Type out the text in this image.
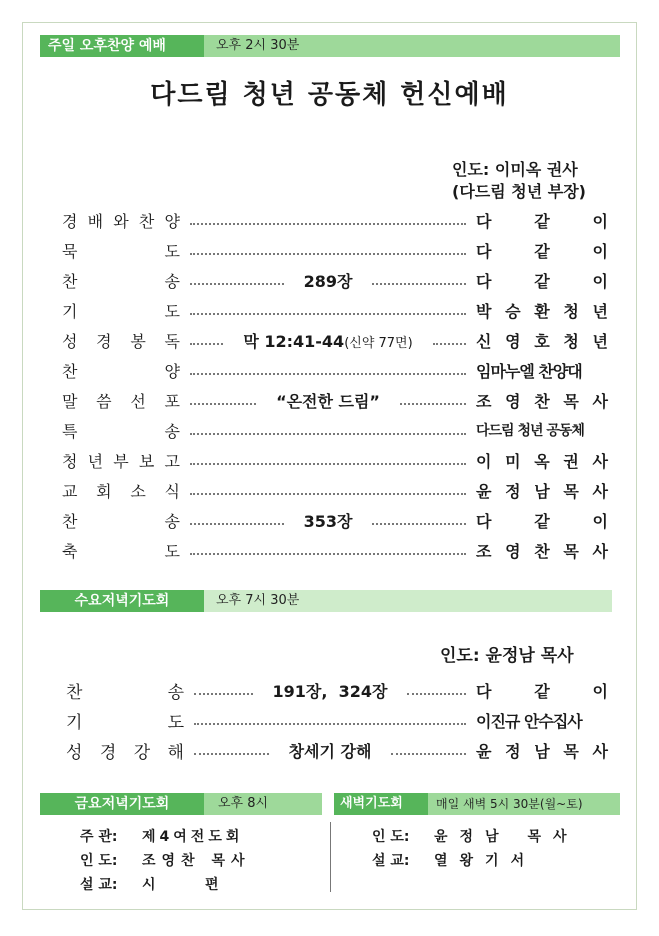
주일 오후찬양 예배	오후 2시 30분
다드림 청년 공동체 헌신예배
인도: 이미옥 권사
(다드림 청년 부장)
경 배 와 찬 양	다	같	이
묵	도	다	같	이
찬	송	289장	다	같	이
기	도	박 승 환 청 년
성 경 봉 독	막 12:41-44(신약 77면)	신 영 호 청 년
찬	양	임마누엘 찬양대
말 씀 선 포	“온전한 드림”	조 영 찬 목 사
특	송	다드림 청년 공동체
청 년 부 보 고	이 미 옥 권 사
교 회 소 식	윤 정 남 목 사
찬	송	353장	다	같	이
축	도	조 영 찬 목 사
수요저녁기도회	오후 7시 30분
인도: 윤정남 목사
찬	송	191장,  324장	다	같	이
기	도	이진규 안수집사
성 경 강 해	창세기 강해	윤 정 남 목 사
금요저녁기도회	오후 8시	새벽기도회	매일 새벽 5시 30분(월~토)
주 관:	제4여전도회
인 도:	조영찬 목사
설 교:	시    편
인 도:	윤정남 목사
설 교:	열왕기서
